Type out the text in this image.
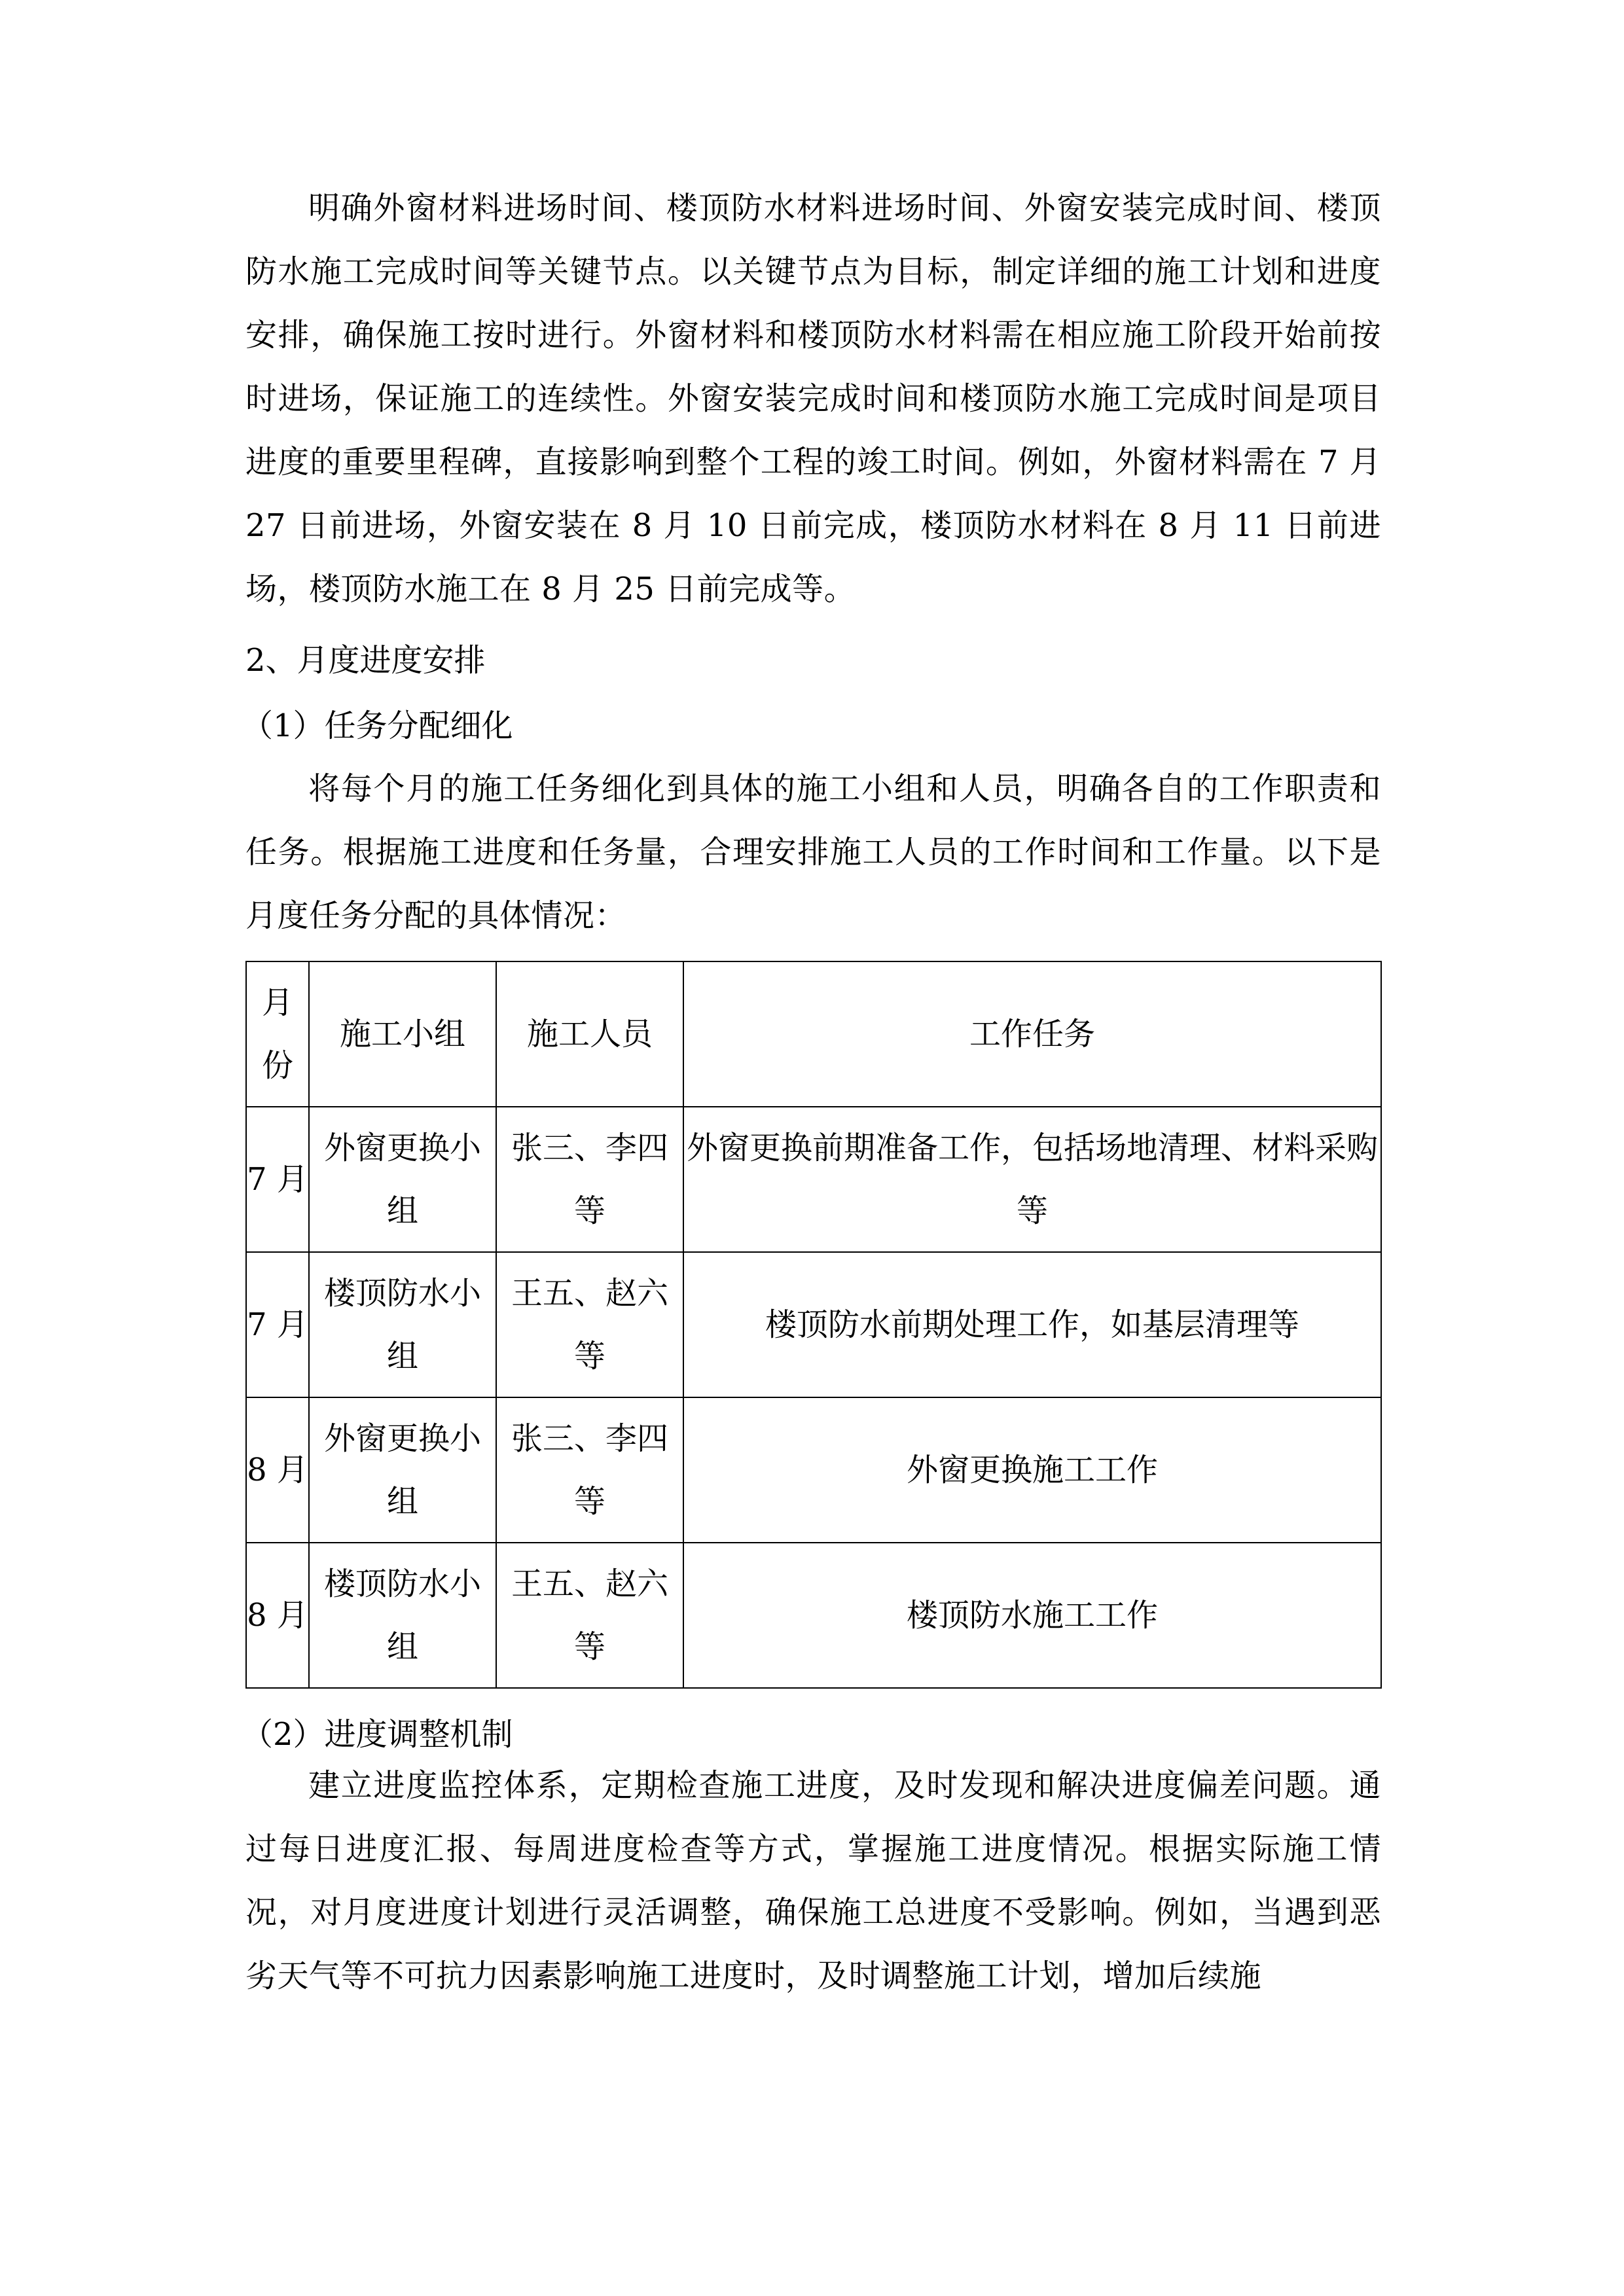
明确外窗材料进场时间、楼顶防水材料进场时间、外窗安装完成时间、楼顶防水施工完成时间等关键节点。以关键节点为目标，制定详细的施工计划和进度安排，确保施工按时进行。外窗材料和楼顶防水材料需在相应施工阶段开始前按时进场，保证施工的连续性。外窗安装完成时间和楼顶防水施工完成时间是项目进度的重要里程碑，直接影响到整个工程的竣工时间。例如，外窗材料需在 7 月 27 日前进场，外窗安装在 8 月 10 日前完成，楼顶防水材料在 8 月 11 日前进场，楼顶防水施工在 8 月 25 日前完成等。

2、月度进度安排

（1）任务分配细化

将每个月的施工任务细化到具体的施工小组和人员，明确各自的工作职责和任务。根据施工进度和任务量，合理安排施工人员的工作时间和工作量。以下是月度任务分配的具体情况：

月份	施工小组	施工人员	工作任务
7 月	外窗更换小组	张三、李四等	外窗更换前期准备工作，包括场地清理、材料采购等
7 月	楼顶防水小组	王五、赵六等	楼顶防水前期处理工作，如基层清理等
8 月	外窗更换小组	张三、李四等	外窗更换施工工作
8 月	楼顶防水小组	王五、赵六等	楼顶防水施工工作

（2）进度调整机制

建立进度监控体系，定期检查施工进度，及时发现和解决进度偏差问题。通过每日进度汇报、每周进度检查等方式，掌握施工进度情况。根据实际施工情况，对月度进度计划进行灵活调整，确保施工总进度不受影响。例如，当遇到恶劣天气等不可抗力因素影响施工进度时，及时调整施工计划，增加后续施
